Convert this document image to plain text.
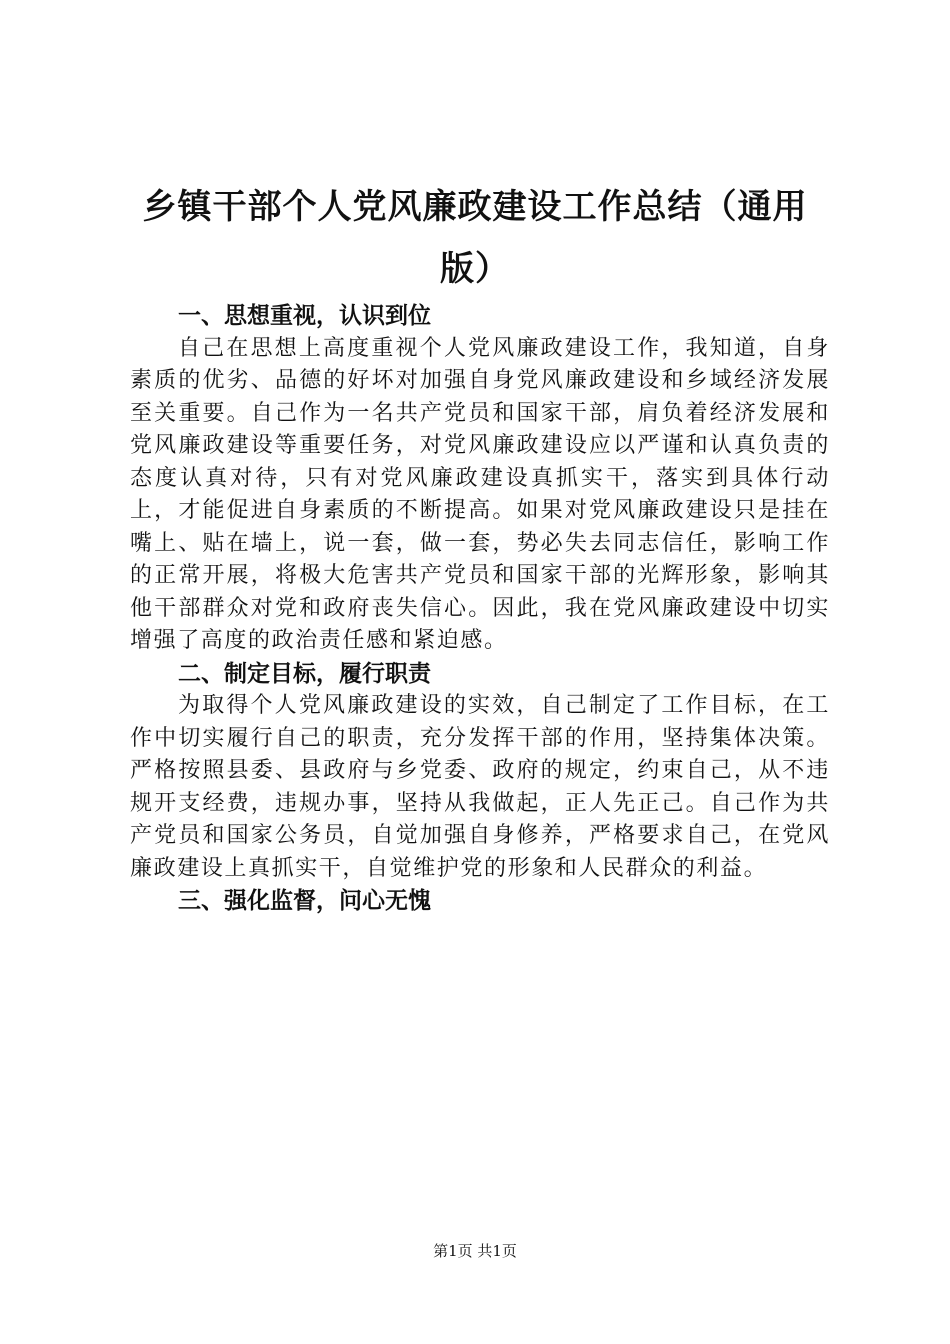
乡镇干部个人党风廉政建设工作总结（通用版）
一、思想重视，认识到位

自己在思想上高度重视个人党风廉政建设工作，我知道，自身素质的优劣、品德的好坏对加强自身党风廉政建设和乡域经济发展至关重要。自己作为一名共产党员和国家干部，肩负着经济发展和党风廉政建设等重要任务，对党风廉政建设应以严谨和认真负责的态度认真对待，只有对党风廉政建设真抓实干，落实到具体行动上，才能促进自身素质的不断提高。如果对党风廉政建设只是挂在嘴上、贴在墙上，说一套，做一套，势必失去同志信任，影响工作的正常开展，将极大危害共产党员和国家干部的光辉形象，影响其他干部群众对党和政府丧失信心。因此，我在党风廉政建设中切实增强了高度的政治责任感和紧迫感。

二、制定目标，履行职责

为取得个人党风廉政建设的实效，自己制定了工作目标，在工作中切实履行自己的职责，充分发挥干部的作用，坚持集体决策。严格按照县委、县政府与乡党委、政府的规定，约束自己，从不违规开支经费，违规办事，坚持从我做起，正人先正己。自己作为共产党员和国家公务员，自觉加强自身修养，严格要求自己，在党风廉政建设上真抓实干，自觉维护党的形象和人民群众的利益。

三、强化监督，问心无愧
第1页 共1页
